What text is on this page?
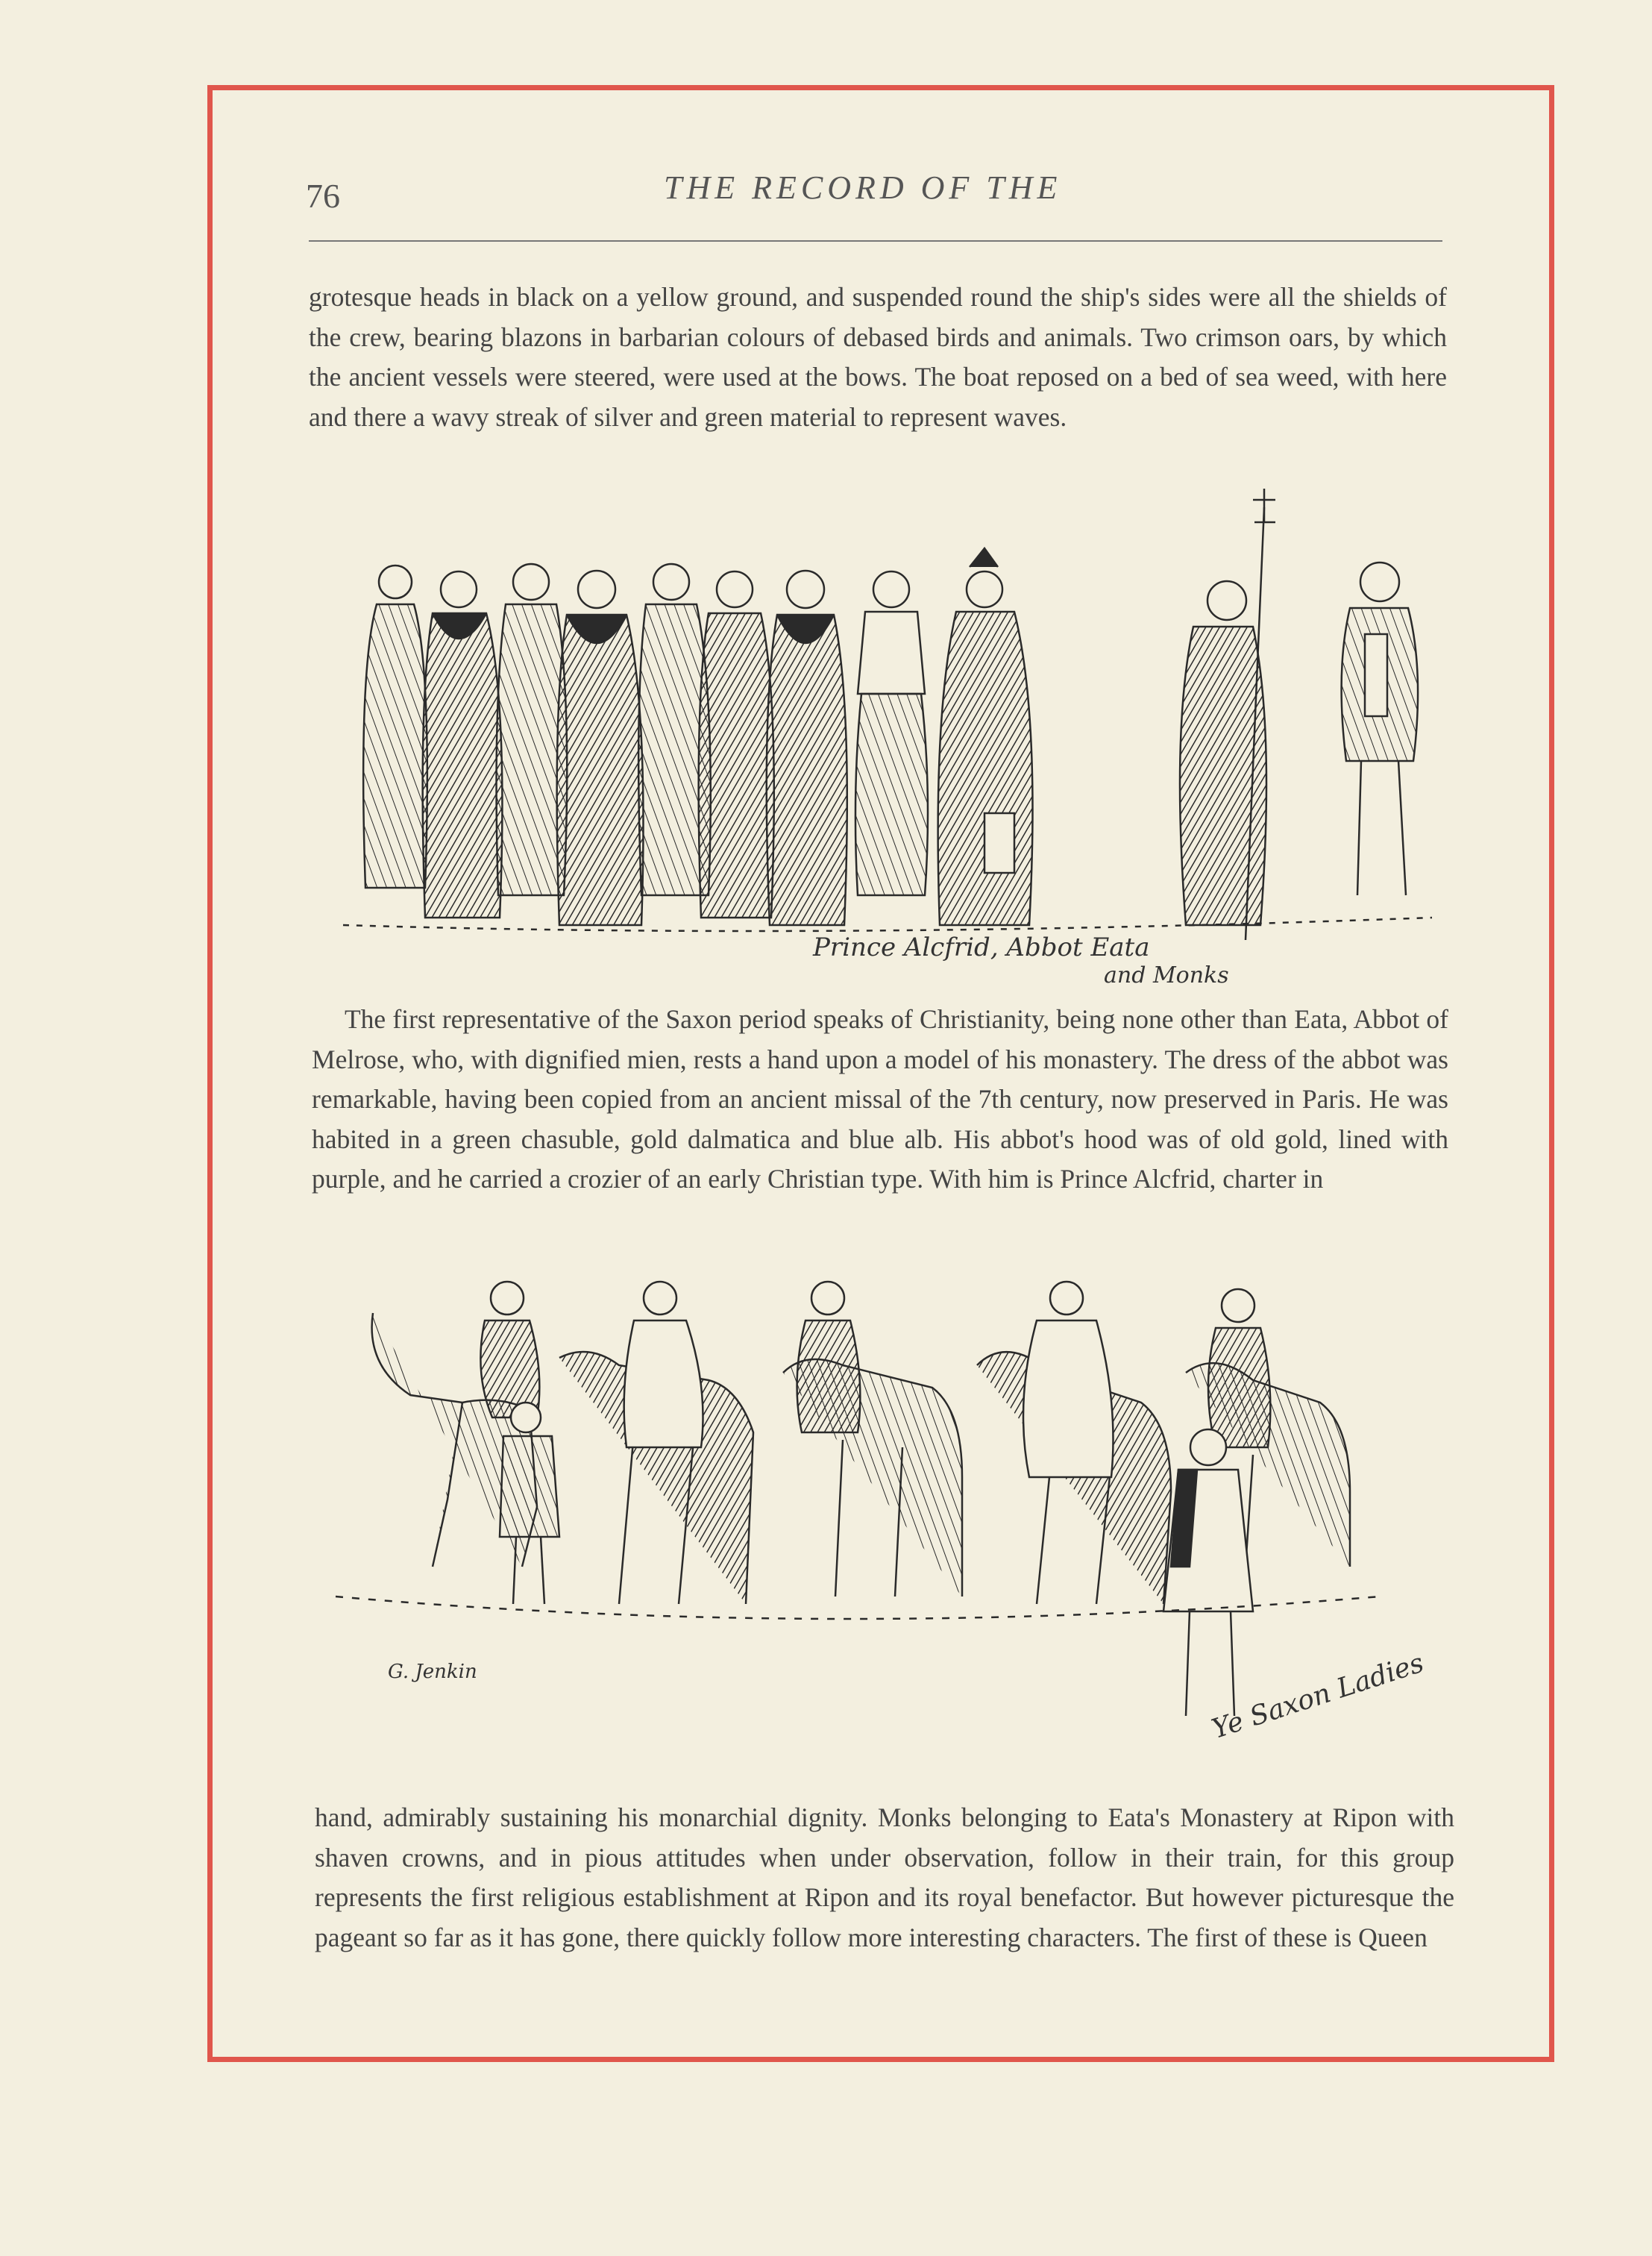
76	THE RECORD OF THE

grotesque heads in black on a yellow ground, and suspended round the ship's sides were all the shields of the crew, bearing blazons in barbarian colours of debased birds and animals. Two crimson oars, by which the ancient vessels were steered, were used at the bows. The boat reposed on a bed of sea weed, with here and there a wavy streak of silver and green material to represent waves.

Prince Alcfrid, Abbot Eata
and Monks

The first representative of the Saxon period speaks of Christianity, being none other than Eata, Abbot of Melrose, who, with dignified mien, rests a hand upon a model of his monastery. The dress of the abbot was remarkable, having been copied from an ancient missal of the 7th century, now preserved in Paris. He was habited in a green chasuble, gold dalmatica and blue alb. His abbot's hood was of old gold, lined with purple, and he carried a crozier of an early Christian type. With him is Prince Alcfrid, charter in

G. Jenkin	Ye Saxon Ladies

hand, admirably sustaining his monarchial dignity. Monks belonging to Eata's Monastery at Ripon with shaven crowns, and in pious attitudes when under observation, follow in their train, for this group represents the first religious establishment at Ripon and its royal benefactor. But however picturesque the pageant so far as it has gone, there quickly follow more interesting characters. The first of these is Queen
